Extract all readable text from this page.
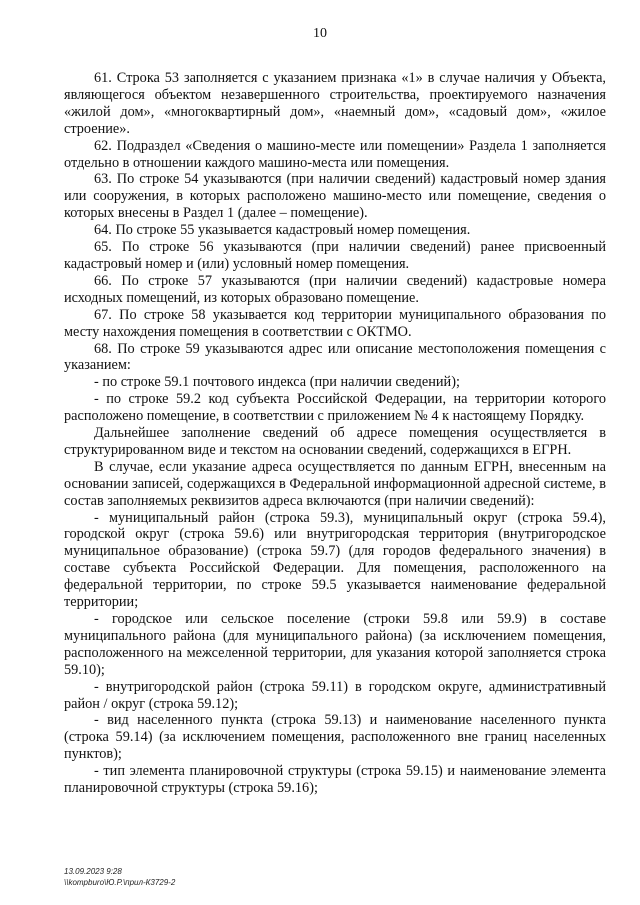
10

61. Строка 53 заполняется с указанием признака «1» в случае наличия у Объекта, являющегося объектом незавершенного строительства, проектируемого назначения «жилой дом», «многоквартирный дом», «наемный дом», «садовый дом», «жилое строение».

62. Подраздел «Сведения о машино-месте или помещении» Раздела 1 заполняется отдельно в отношении каждого машино-места или помещения.

63. По строке 54 указываются (при наличии сведений) кадастровый номер здания или сооружения, в которых расположено машино-место или помещение, сведения о которых внесены в Раздел 1 (далее – помещение).

64. По строке 55 указывается кадастровый номер помещения.

65. По строке 56 указываются (при наличии сведений) ранее присвоенный кадастровый номер и (или) условный номер помещения.

66. По строке 57 указываются (при наличии сведений) кадастровые номера исходных помещений, из которых образовано помещение.

67. По строке 58 указывается код территории муниципального образования по месту нахождения помещения в соответствии с ОКТМО.

68. По строке 59 указываются адрес или описание местоположения помещения с указанием:

- по строке 59.1 почтового индекса (при наличии сведений);

- по строке 59.2 код субъекта Российской Федерации, на территории которого расположено помещение, в соответствии с приложением № 4 к настоящему Порядку.

Дальнейшее заполнение сведений об адресе помещения осуществляется в структурированном виде и текстом на основании сведений, содержащихся в ЕГРН.

В случае, если указание адреса осуществляется по данным ЕГРН, внесенным на основании записей, содержащихся в Федеральной информационной адресной системе, в состав заполняемых реквизитов адреса включаются (при наличии сведений):

- муниципальный район (строка 59.3), муниципальный округ (строка 59.4), городской округ (строка 59.6) или внутригородская территория (внутригородское муниципальное образование) (строка 59.7) (для городов федерального значения) в составе субъекта Российской Федерации. Для помещения, расположенного на федеральной территории, по строке 59.5 указывается наименование федеральной территории;

- городское или сельское поселение (строки 59.8 или 59.9) в составе муниципального района (для муниципального района) (за исключением помещения, расположенного на межселенной территории, для указания которой заполняется строка 59.10);

- внутригородской район (строка 59.11) в городском округе, административный район / округ (строка 59.12);

- вид населенного пункта (строка 59.13) и наименование населенного пункта (строка 59.14) (за исключением помещения, расположенного вне границ населенных пунктов);

- тип элемента планировочной структуры (строка 59.15) и наименование элемента планировочной структуры (строка 59.16);

13.09.2023 9:28
\\kompburo\Ю.Р.\прил-К3729-2
